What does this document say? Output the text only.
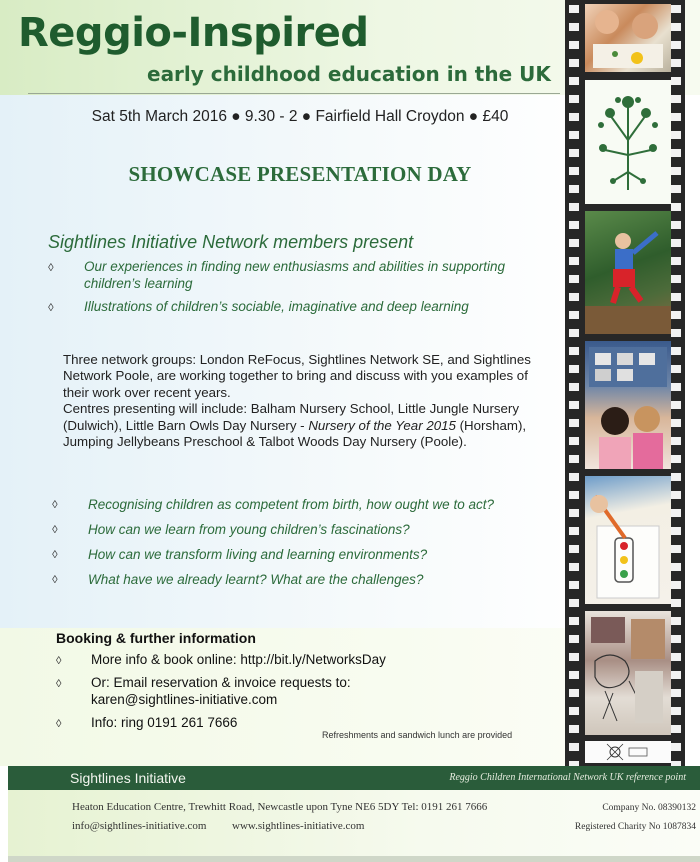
Reggio-Inspired
early childhood education in the UK
Sat 5th March 2016 ● 9.30 - 2 ● Fairfield Hall Croydon ● £40
SHOWCASE PRESENTATION DAY
Sightlines Initiative Network members present
◊ Our experiences in finding new enthusiasms and abilities in supporting children’s learning
◊ Illustrations of children’s sociable, imaginative and deep learning

Three network groups: London ReFocus, Sightlines Network SE, and Sightlines Network Poole, are working together to bring and discuss with you examples of their work over recent years.
Centres presenting will include: Balham Nursery School, Little Jungle Nursery (Dulwich), Little Barn Owls Day Nursery - Nursery of the Year 2015 (Horsham), Jumping Jellybeans Preschool & Talbot Woods Day Nursery (Poole).

◊ Recognising children as competent from birth, how ought we to act?
◊ How can we learn from young children’s fascinations?
◊ How can we transform living and learning environments?
◊ What have we already learnt? What are the challenges?
Booking & further information
◊ More info & book online: http://bit.ly/NetworksDay
◊ Or: Email reservation & invoice requests to:
karen@sightlines-initiative.com
◊ Info: ring 0191 261 7666
Refreshments and sandwich lunch are provided
Sightlines Initiative	Reggio Children International Network UK reference point
Heaton Education Centre, Trewhitt Road, Newcastle upon Tyne NE6 5DY Tel: 0191 261 7666
info@sightlines-initiative.com www.sightlines-initiative.com
Company No. 08390132
Registered Charity No 1087834
